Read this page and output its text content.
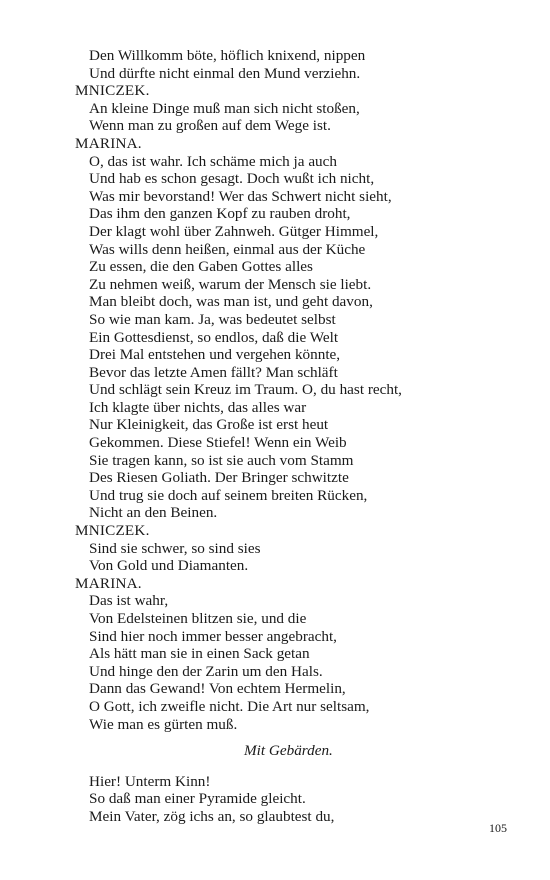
Den Willkomm böte, höflich knixend, nippen
Und dürfte nicht einmal den Mund verziehn.
MNICZEK.
An kleine Dinge muß man sich nicht stoßen,
Wenn man zu großen auf dem Wege ist.
MARINA.
O, das ist wahr. Ich schäme mich ja auch
Und hab es schon gesagt. Doch wußt ich nicht,
Was mir bevorstand! Wer das Schwert nicht sieht,
Das ihm den ganzen Kopf zu rauben droht,
Der klagt wohl über Zahnweh. Gütger Himmel,
Was wills denn heißen, einmal aus der Küche
Zu essen, die den Gaben Gottes alles
Zu nehmen weiß, warum der Mensch sie liebt.
Man bleibt doch, was man ist, und geht davon,
So wie man kam. Ja, was bedeutet selbst
Ein Gottesdienst, so endlos, daß die Welt
Drei Mal entstehen und vergehen könnte,
Bevor das letzte Amen fällt? Man schläft
Und schlägt sein Kreuz im Traum. O, du hast recht,
Ich klagte über nichts, das alles war
Nur Kleinigkeit, das Große ist erst heut
Gekommen. Diese Stiefel! Wenn ein Weib
Sie tragen kann, so ist sie auch vom Stamm
Des Riesen Goliath. Der Bringer schwitzte
Und trug sie doch auf seinem breiten Rücken,
Nicht an den Beinen.
MNICZEK.
Sind sie schwer, so sind sies
Von Gold und Diamanten.
MARINA.
Das ist wahr,
Von Edelsteinen blitzen sie, und die
Sind hier noch immer besser angebracht,
Als hätt man sie in einen Sack getan
Und hinge den der Zarin um den Hals.
Dann das Gewand! Von echtem Hermelin,
O Gott, ich zweifle nicht. Die Art nur seltsam,
Wie man es gürten muß.
Mit Gebärden.
Hier! Unterm Kinn!
So daß man einer Pyramide gleicht.
Mein Vater, zög ichs an, so glaubtest du,
105
